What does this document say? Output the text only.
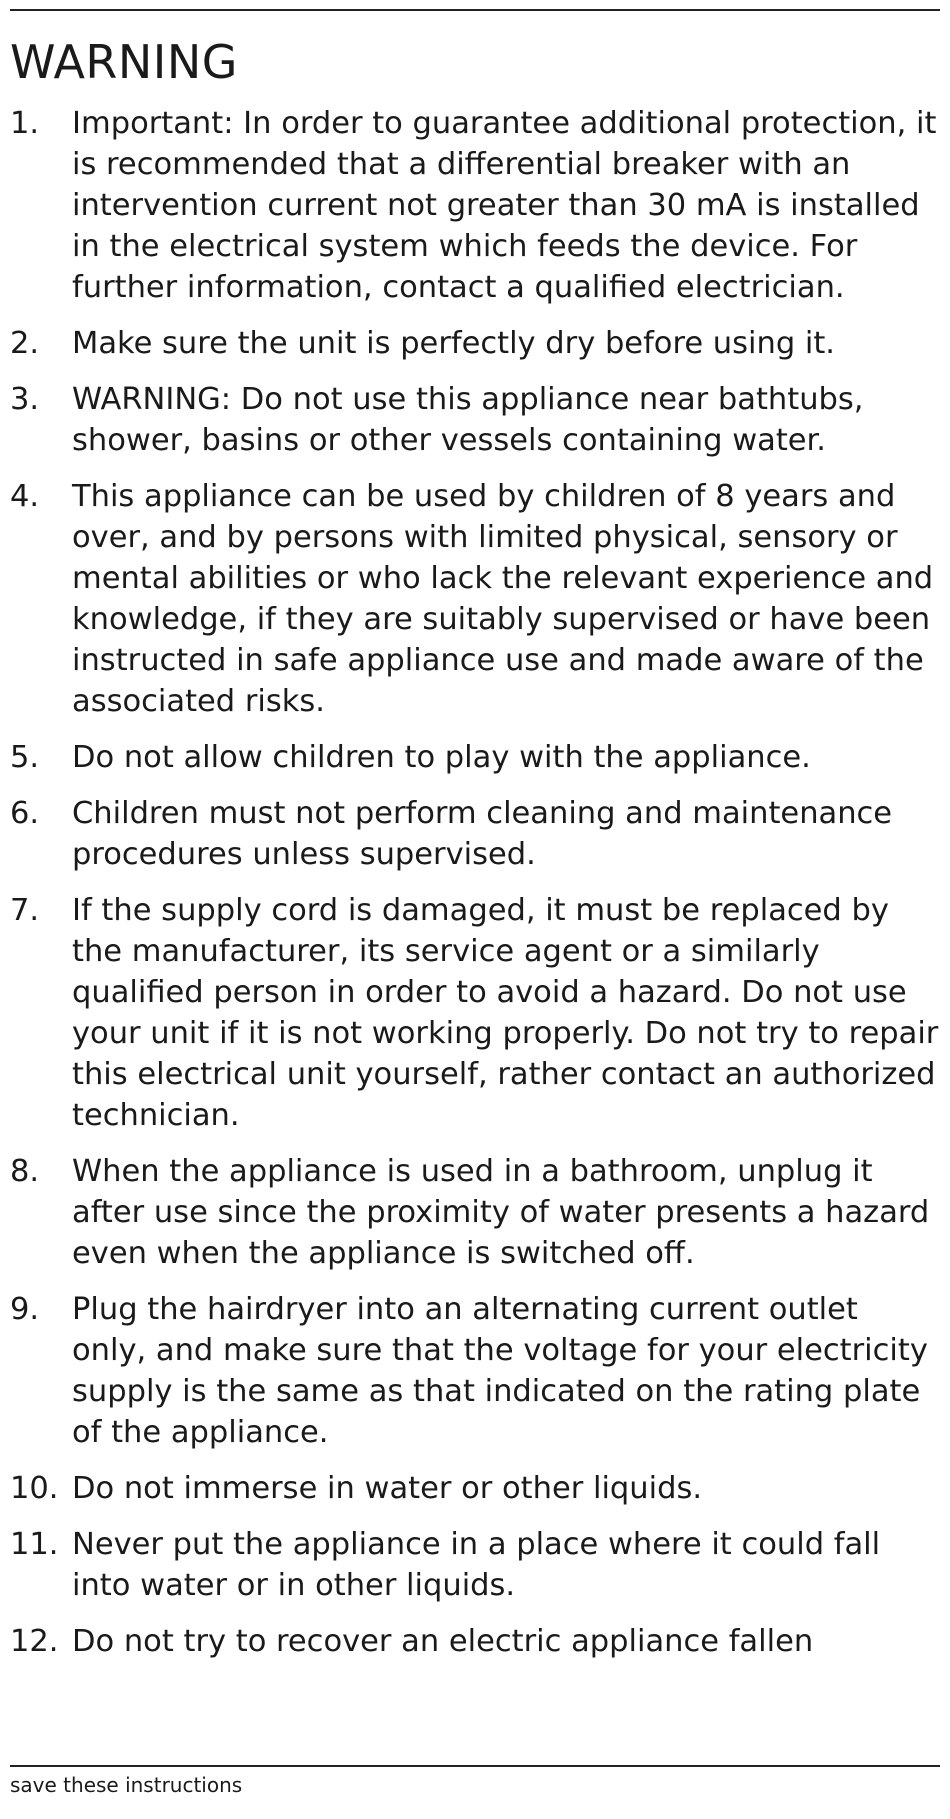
WARNING
1.	Important: In order to guarantee additional protection, it is recommended that a differential breaker with an intervention current not greater than 30 mA is installed in the electrical system which feeds the device. For further information, contact a qualified electrician.
2.	Make sure the unit is perfectly dry before using it.
3.	WARNING: Do not use this appliance near bathtubs, shower, basins or other vessels containing water.
4.	This appliance can be used by children of 8 years and over, and by persons with limited physical, sensory or mental abilities or who lack the relevant experience and knowledge, if they are suitably supervised or have been instructed in safe appliance use and made aware of the associated risks.
5.	Do not allow children to play with the appliance.
6.	Children must not perform cleaning and maintenance procedures unless supervised.
7.	If the supply cord is damaged, it must be replaced by the manufacturer, its service agent or a similarly qualified person in order to avoid a hazard. Do not use your unit if it is not working properly. Do not try to repair this electrical unit yourself, rather contact an authorized technician.
8.	When the appliance is used in a bathroom, unplug it after use since the proximity of water presents a hazard even when the appliance is switched off.
9.	Plug the hairdryer into an alternating current outlet only, and make sure that the voltage for your electricity supply is the same as that indicated on the rating plate of the appliance.
10. Do not immerse in water or other liquids.
11. Never put the appliance in a place where it could fall into water or in other liquids.
12. Do not try to recover an electric appliance fallen
save these instructions
